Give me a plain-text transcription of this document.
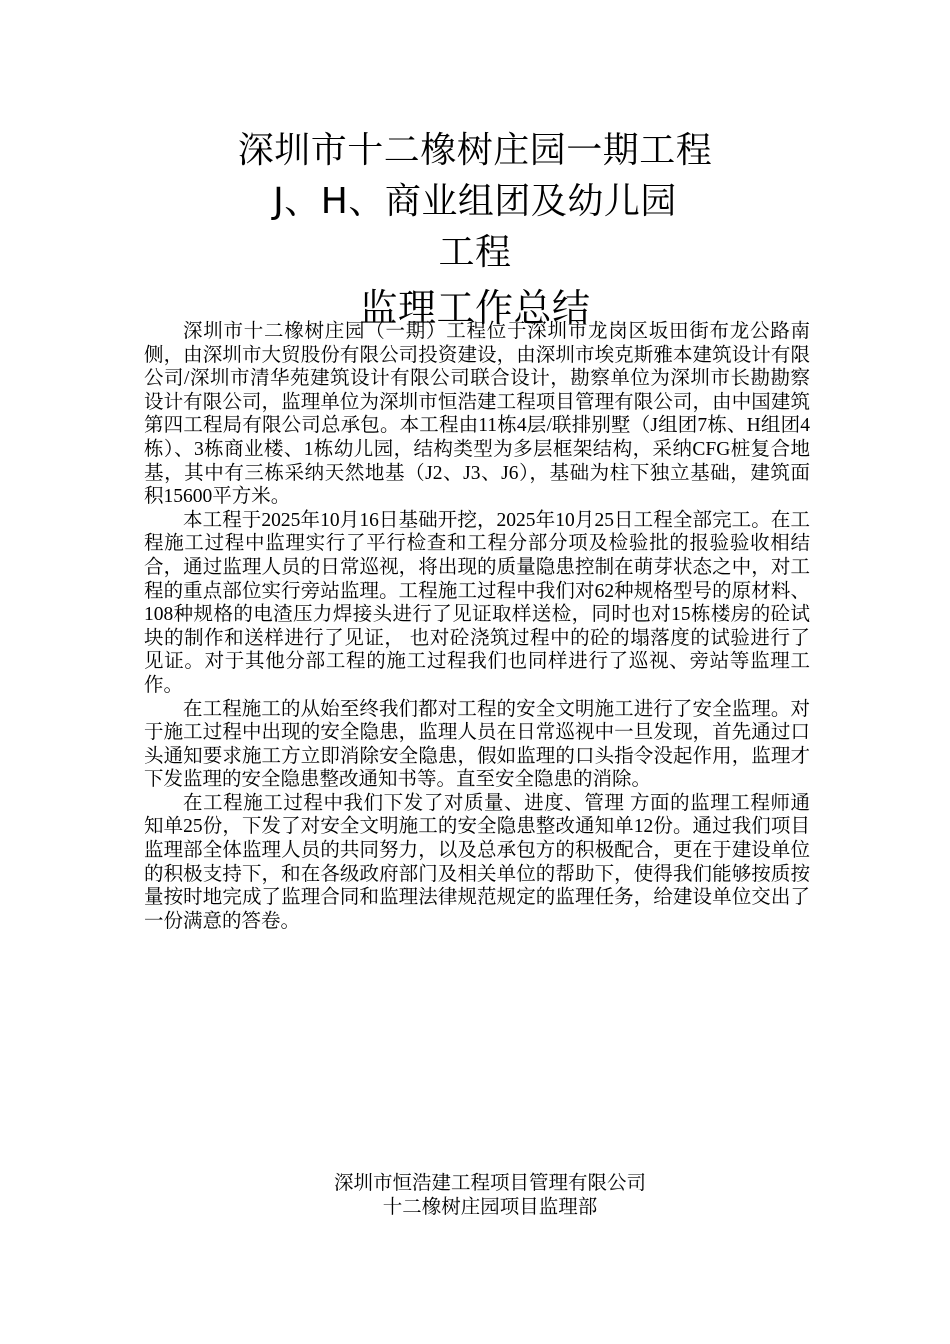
深圳市十二橡树庄园一期工程
J、H、商业组团及幼儿园
工程
监理工作总结

深圳市十二橡树庄园（一期）工程位于深圳市龙岗区坂田街布龙公路南侧，由深圳市大贸股份有限公司投资建设，由深圳市埃克斯雅本建筑设计有限公司/深圳市清华苑建筑设计有限公司联合设计，勘察单位为深圳市长勘勘察设计有限公司，监理单位为深圳市恒浩建工程项目管理有限公司，由中国建筑第四工程局有限公司总承包。本工程由11栋4层/联排别墅（J组团7栋、H组团4栋）、3栋商业楼、1栋幼儿园，结构类型为多层框架结构，采纳CFG桩复合地基，其中有三栋采纳天然地基（J2、J3、J6），基础为柱下独立基础，建筑面积15600平方米。

本工程于2025年10月16日基础开挖，2025年10月25日工程全部完工。在工程施工过程中监理实行了平行检查和工程分部分项及检验批的报验验收相结合，通过监理人员的日常巡视，将出现的质量隐患控制在萌芽状态之中，对工程的重点部位实行旁站监理。工程施工过程中我们对62种规格型号的原材料、108种规格的电渣压力焊接头进行了见证取样送检，同时也对15栋楼房的砼试块的制作和送样进行了见证， 也对砼浇筑过程中的砼的塌落度的试验进行了见证。对于其他分部工程的施工过程我们也同样进行了巡视、旁站等监理工作。

在工程施工的从始至终我们都对工程的安全文明施工进行了安全监理。对于施工过程中出现的安全隐患，监理人员在日常巡视中一旦发现，首先通过口头通知要求施工方立即消除安全隐患，假如监理的口头指令没起作用，监理才下发监理的安全隐患整改通知书等。直至安全隐患的消除。

在工程施工过程中我们下发了对质量、进度、管理 方面的监理工程师通知单25份，下发了对安全文明施工的安全隐患整改通知单12份。通过我们项目监理部全体监理人员的共同努力，以及总承包方的积极配合，更在于建设单位的积极支持下，和在各级政府部门及相关单位的帮助下，使得我们能够按质按量按时地完成了监理合同和监理法律规范规定的监理任务，给建设单位交出了一份满意的答卷。

深圳市恒浩建工程项目管理有限公司
十二橡树庄园项目监理部
